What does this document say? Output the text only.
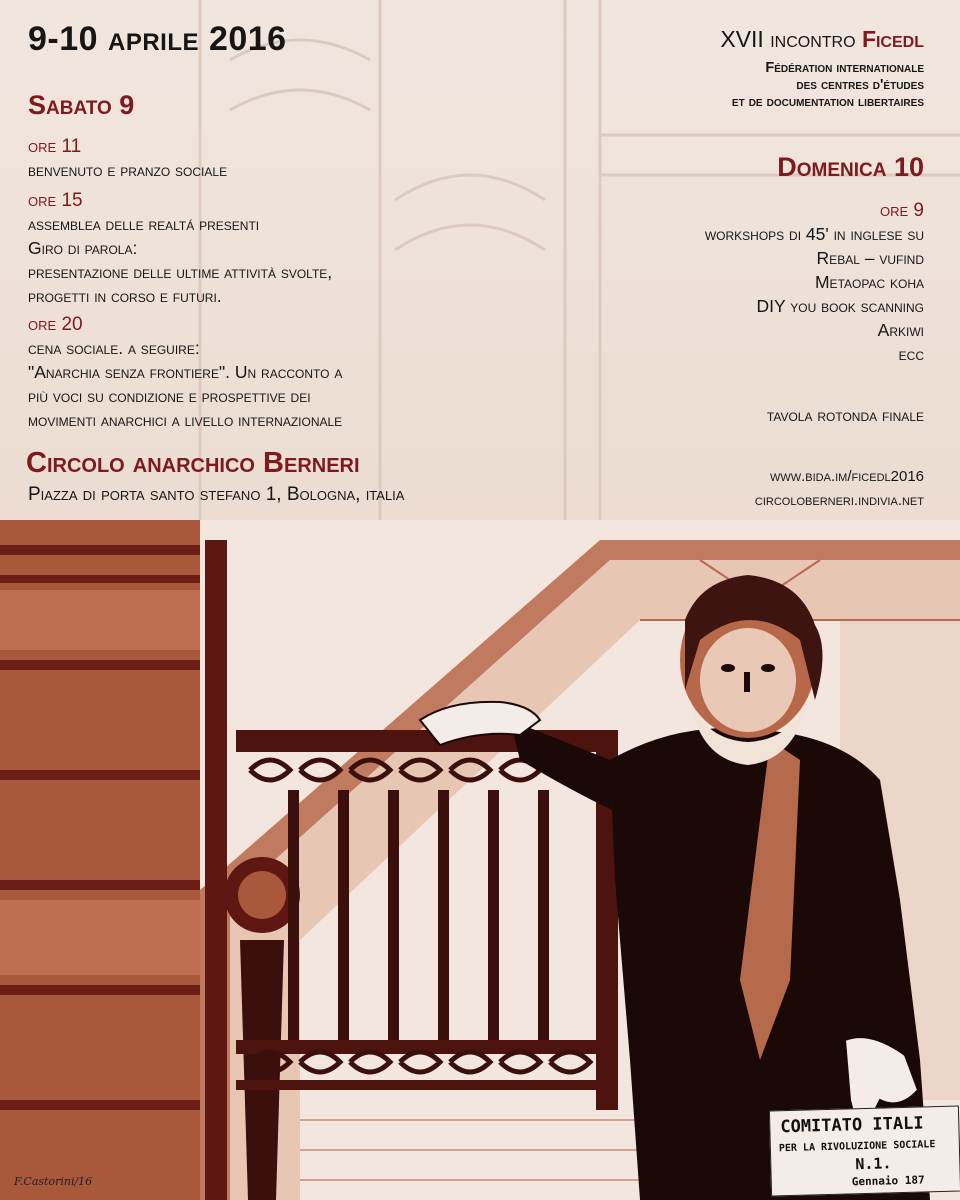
9-10 aprile 2016
Sabato 9
ore 11
benvenuto e pranzo sociale
ore 15
assemblea delle realtá presenti
Giro di parola:
presentazione delle ultime attività svolte,
progetti in corso e futuri.
ore 20
cena sociale. a seguire:
"Anarchia senza frontiere". Un racconto a
più voci su condizione e prospettive dei
movimenti anarchici a livello internazionale
Circolo anarchico Berneri
Piazza di porta santo stefano 1, Bologna, italia
XVII incontro Ficedl
Fédération internationale
des centres d'études
et de documentation libertaires
Domenica 10
ore 9
workshops di 45' in inglese su
Rebal – vufind
Metaopac koha
DIY you book scanning
Arkiwi
ecc
tavola rotonda finale
www.bida.im/ficedl2016
circoloberneri.indivia.net
COMITATO ITALI
PER LA RIVOLUZIONE SOCIALE
N.1.
Gennaio 187
F.Castorini/16
